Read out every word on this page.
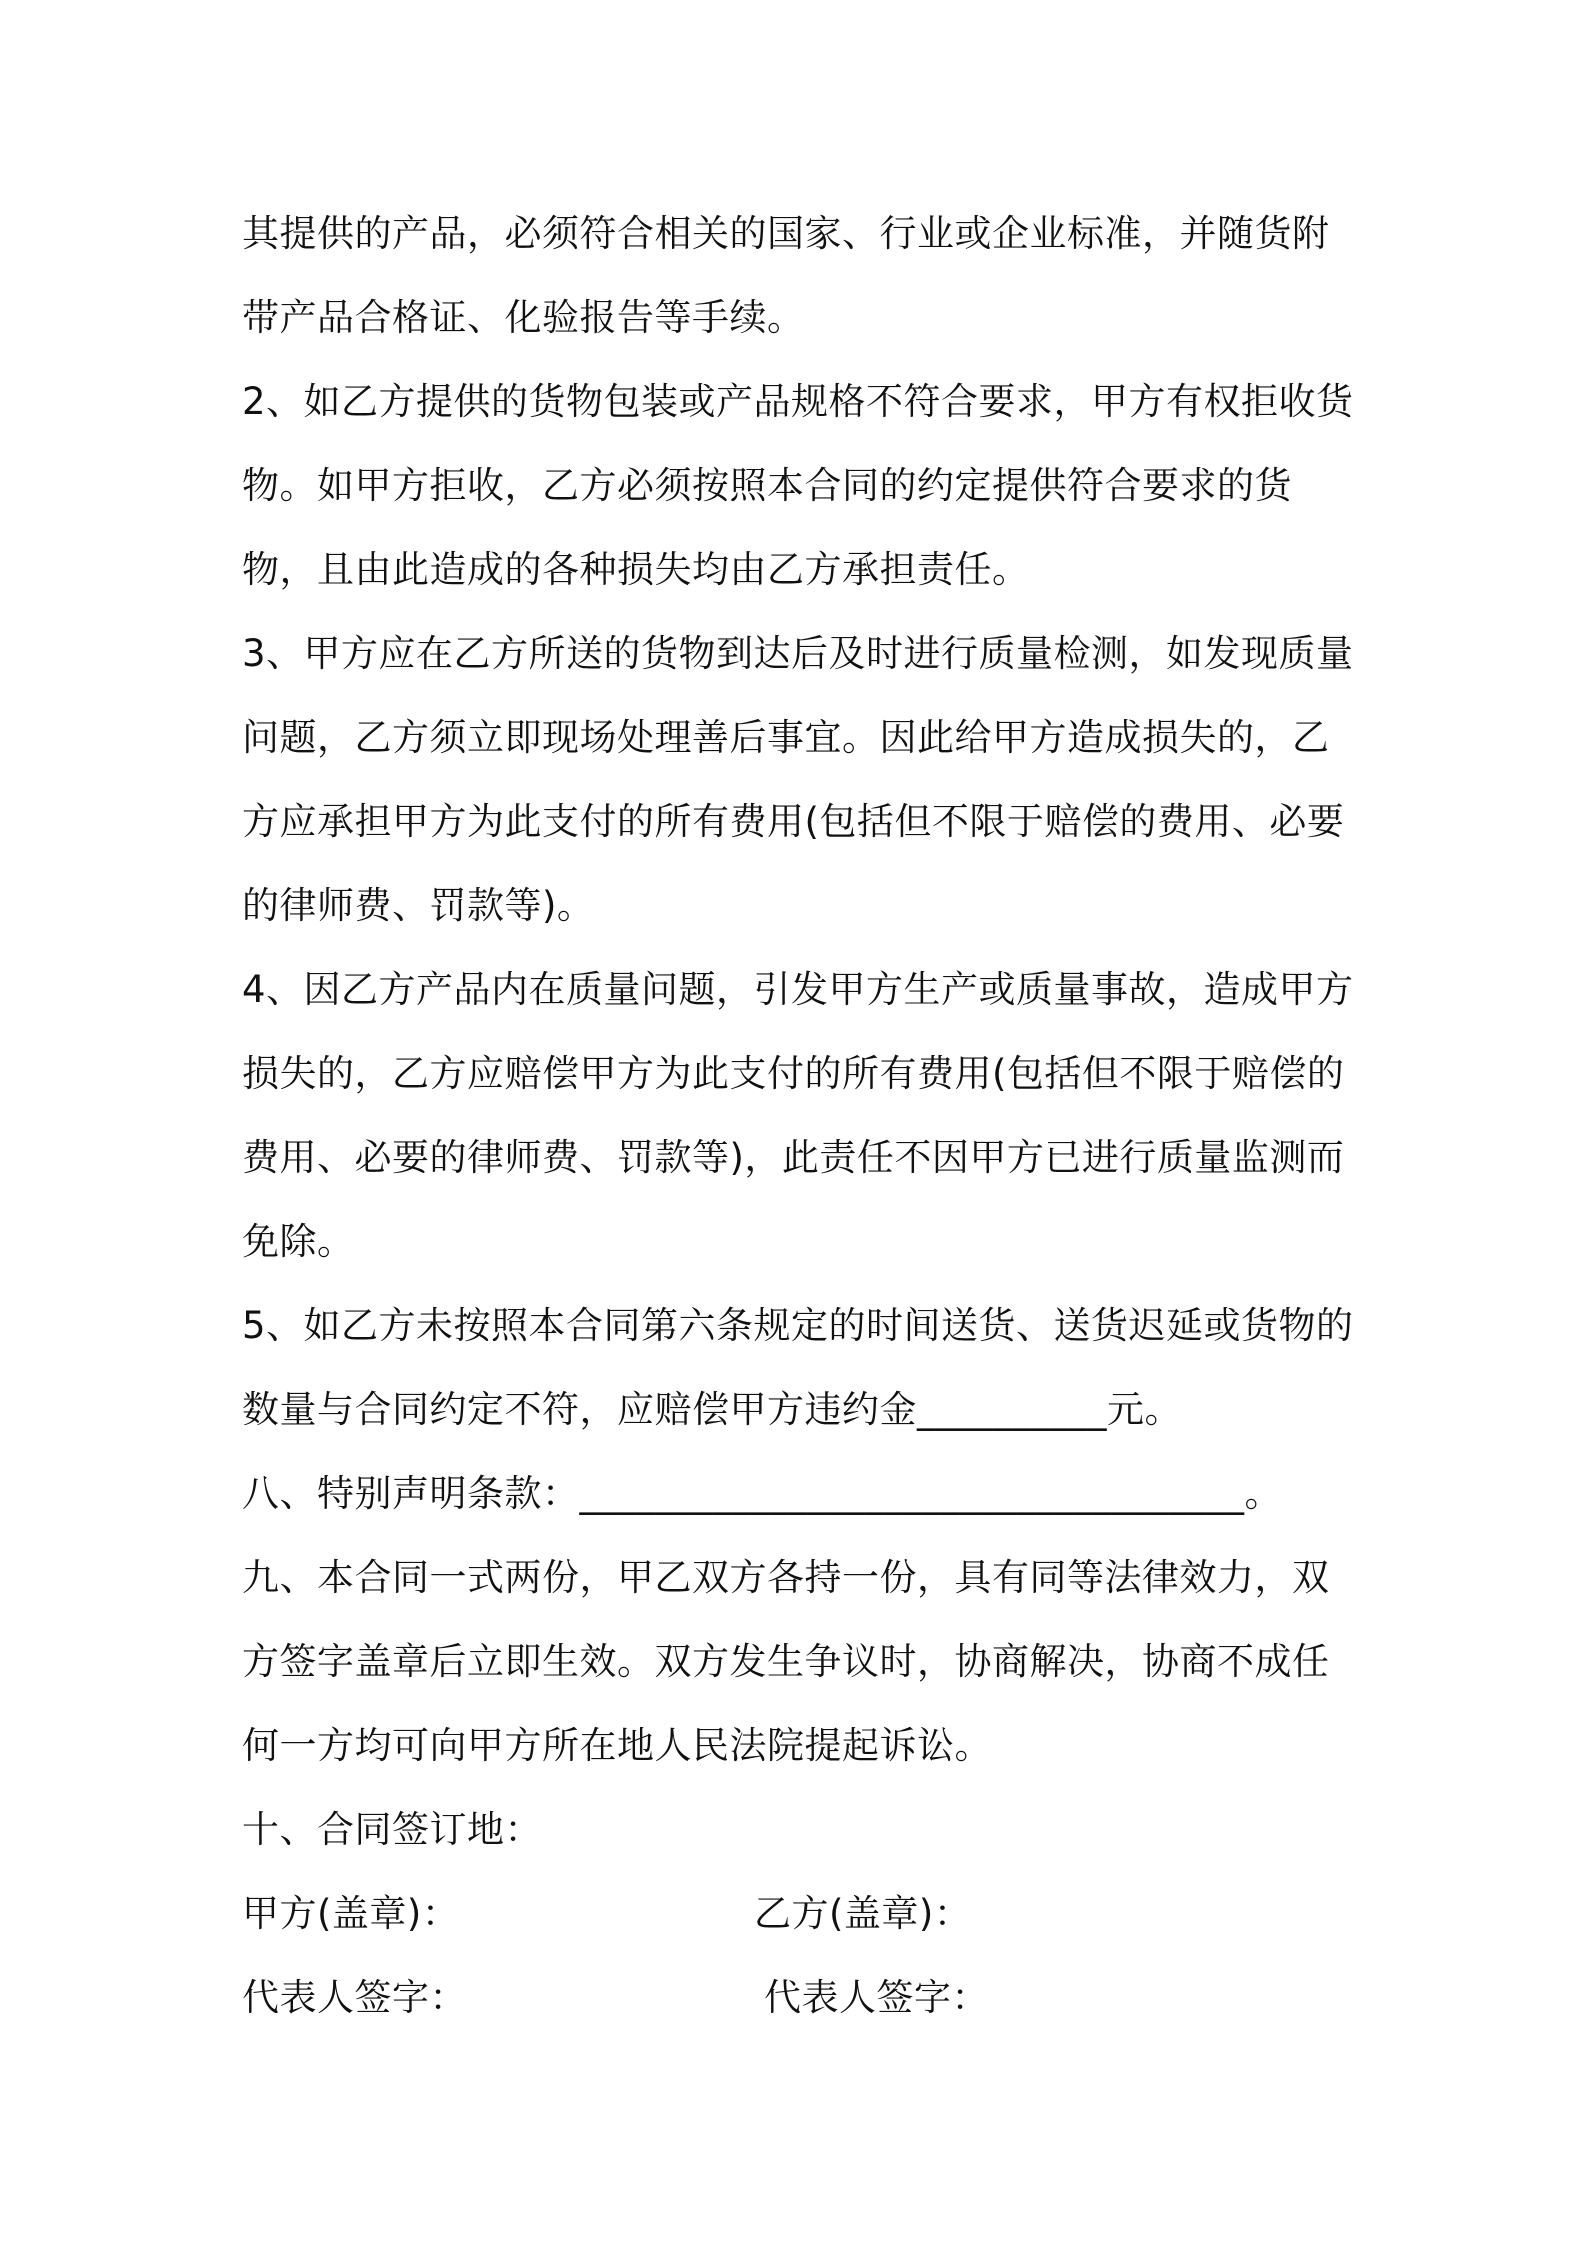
其提供的产品，必须符合相关的国家、行业或企业标准，并随货附带产品合格证、化验报告等手续。

2、如乙方提供的货物包装或产品规格不符合要求，甲方有权拒收货物。如甲方拒收，乙方必须按照本合同的约定提供符合要求的货物，且由此造成的各种损失均由乙方承担责任。

3、甲方应在乙方所送的货物到达后及时进行质量检测，如发现质量问题，乙方须立即现场处理善后事宜。因此给甲方造成损失的，乙方应承担甲方为此支付的所有费用(包括但不限于赔偿的费用、必要的律师费、罚款等)。

4、因乙方产品内在质量问题，引发甲方生产或质量事故，造成甲方损失的，乙方应赔偿甲方为此支付的所有费用(包括但不限于赔偿的费用、必要的律师费、罚款等)，此责任不因甲方已进行质量监测而免除。

5、如乙方未按照本合同第六条规定的时间送货、送货迟延或货物的数量与合同约定不符，应赔偿甲方违约金__________元。

八、特别声明条款：___________________________________。

九、本合同一式两份，甲乙双方各持一份，具有同等法律效力，双方签字盖章后立即生效。双方发生争议时，协商解决，协商不成任何一方均可向甲方所在地人民法院提起诉讼。

十、合同签订地：

甲方(盖章)：	乙方(盖章)：
代表人签字：	代表人签字：
